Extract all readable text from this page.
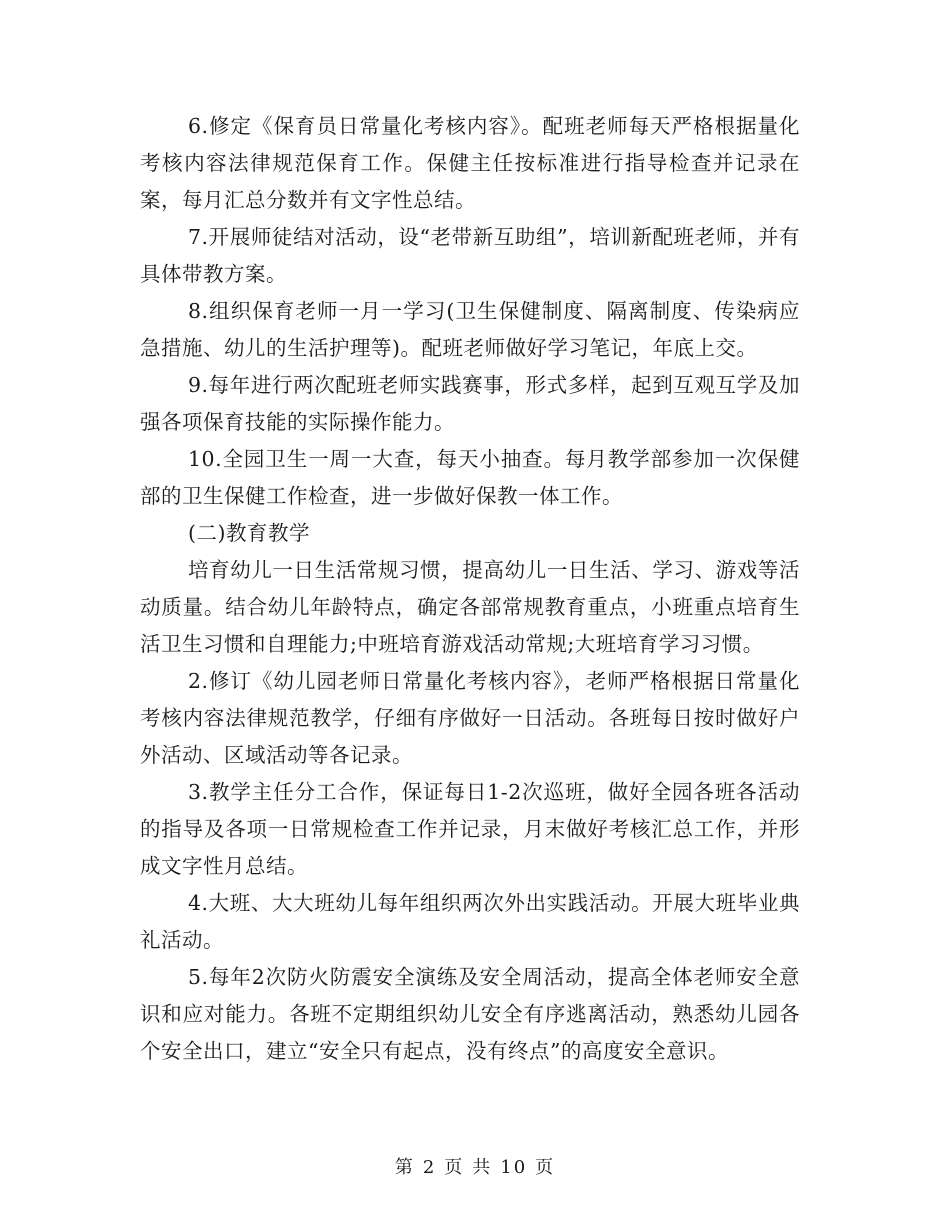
6.修定《保育员日常量化考核内容》。配班老师每天严格根据量化考核内容法律规范保育工作。保健主任按标准进行指导检查并记录在案，每月汇总分数并有文字性总结。

7.开展师徒结对活动，设“老带新互助组”，培训新配班老师，并有具体带教方案。

8.组织保育老师一月一学习(卫生保健制度、隔离制度、传染病应急措施、幼儿的生活护理等)。配班老师做好学习笔记，年底上交。

9.每年进行两次配班老师实践赛事，形式多样，起到互观互学及加强各项保育技能的实际操作能力。

10.全园卫生一周一大查，每天小抽查。每月教学部参加一次保健部的卫生保健工作检查，进一步做好保教一体工作。

(二)教育教学

培育幼儿一日生活常规习惯，提高幼儿一日生活、学习、游戏等活动质量。结合幼儿年龄特点，确定各部常规教育重点，小班重点培育生活卫生习惯和自理能力;中班培育游戏活动常规;大班培育学习习惯。

2.修订《幼儿园老师日常量化考核内容》，老师严格根据日常量化考核内容法律规范教学，仔细有序做好一日活动。各班每日按时做好户外活动、区域活动等各记录。

3.教学主任分工合作，保证每日1-2次巡班，做好全园各班各活动的指导及各项一日常规检查工作并记录，月末做好考核汇总工作，并形成文字性月总结。

4.大班、大大班幼儿每年组织两次外出实践活动。开展大班毕业典礼活动。

5.每年2次防火防震安全演练及安全周活动，提高全体老师安全意识和应对能力。各班不定期组织幼儿安全有序逃离活动，熟悉幼儿园各个安全出口，建立“安全只有起点，没有终点”的高度安全意识。

第 2 页 共 10 页
